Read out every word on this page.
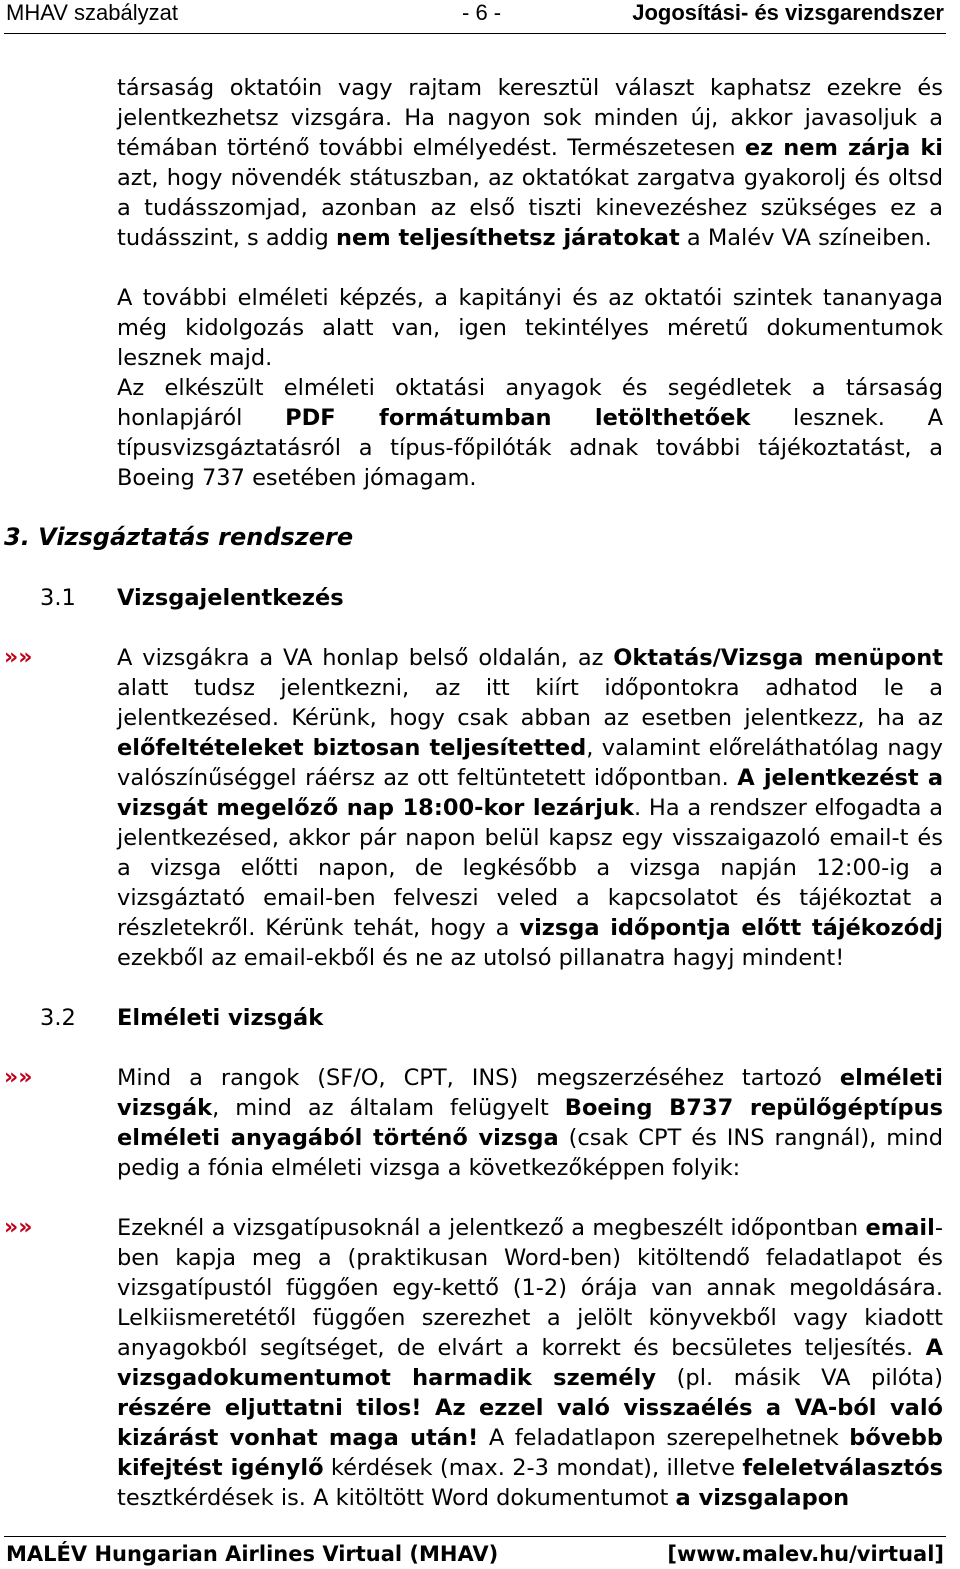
MHAV szabályzat	- 6 -	Jogosítási- és vizsgarendszer

társaság oktatóin vagy rajtam keresztül választ kaphatsz ezekre és jelentkezhetsz vizsgára. Ha nagyon sok minden új, akkor javasoljuk a témában történő további elmélyedést. Természetesen ez nem zárja ki azt, hogy növendék státuszban, az oktatókat zargatva gyakorolj és oltsd a tudásszomjad, azonban az első tiszti kinevezéshez szükséges ez a tudásszint, s addig nem teljesíthetsz járatokat a Malév VA színeiben.

A további elméleti képzés, a kapitányi és az oktatói szintek tananyaga még kidolgozás alatt van, igen tekintélyes méretű dokumentumok lesznek majd.

Az elkészült elméleti oktatási anyagok és segédletek a társaság honlapjáról PDF formátumban letölthetőek lesznek. A típusvizsgáztatásról a típus-főpilóták adnak további tájékoztatást, a Boeing 737 esetében jómagam.

3. Vizsgáztatás rendszere
3.1 Vizsgajelentkezés
»»	A vizsgákra a VA honlap belső oldalán, az Oktatás/Vizsga menüpont alatt tudsz jelentkezni, az itt kiírt időpontokra adhatod le a jelentkezésed. Kérünk, hogy csak abban az esetben jelentkezz, ha az előfeltételeket biztosan teljesítetted, valamint előreláthatólag nagy valószínűséggel ráérsz az ott feltüntetett időpontban. A jelentkezést a vizsgát megelőző nap 18:00-kor lezárjuk. Ha a rendszer elfogadta a jelentkezésed, akkor pár napon belül kapsz egy visszaigazoló email-t és a vizsga előtti napon, de legkésőbb a vizsga napján 12:00-ig a vizsgáztató email-ben felveszi veled a kapcsolatot és tájékoztat a részletekről. Kérünk tehát, hogy a vizsga időpontja előtt tájékozódj ezekből az email-ekből és ne az utolsó pillanatra hagyj mindent!

3.2 Elméleti vizsgák
»»	Mind a rangok (SF/O, CPT, INS) megszerzéséhez tartozó elméleti vizsgák, mind az általam felügyelt Boeing B737 repülőgéptípus elméleti anyagából történő vizsga (csak CPT és INS rangnál), mind pedig a fónia elméleti vizsga a következőképpen folyik:

»»	Ezeknél a vizsgatípusoknál a jelentkező a megbeszélt időpontban email-ben kapja meg a (praktikusan Word-ben) kitöltendő feladatlapot és vizsgatípustól függően egy-kettő (1-2) órája van annak megoldására. Lelkiismeretétől függően szerezhet a jelölt könyvekből vagy kiadott anyagokból segítséget, de elvárt a korrekt és becsületes teljesítés. A vizsgadokumentumot harmadik személy (pl. másik VA pilóta) részére eljuttatni tilos! Az ezzel való visszaélés a VA-ból való kizárást vonhat maga után! A feladatlapon szerepelhetnek bővebb kifejtést igénylő kérdések (max. 2-3 mondat), illetve feleletválasztós tesztkérdések is. A kitöltött Word dokumentumot a vizsgalapon

MALÉV Hungarian Airlines Virtual (MHAV)	[www.malev.hu/virtual]
